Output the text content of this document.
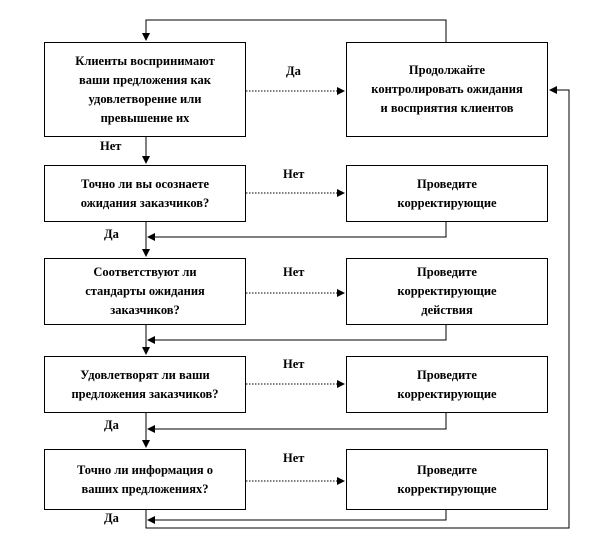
Клиенты воспринимают
ваши предложения как
удовлетворение или
превышение их
Точно ли вы осознаете
ожидания заказчиков?
Соответствуют ли
стандарты ожидания
заказчиков?
Удовлетворят ли ваши
предложения заказчиков?
Точно ли информация о
ваших предложениях?
Продолжайте
контролировать ожидания
и восприятия клиентов
Проведите
корректирующие
Проведите
корректирующие
действия
Проведите
корректирующие
Проведите
корректирующие
Да
Нет
Нет
Да
Нет
Нет
Да
Нет
Да
